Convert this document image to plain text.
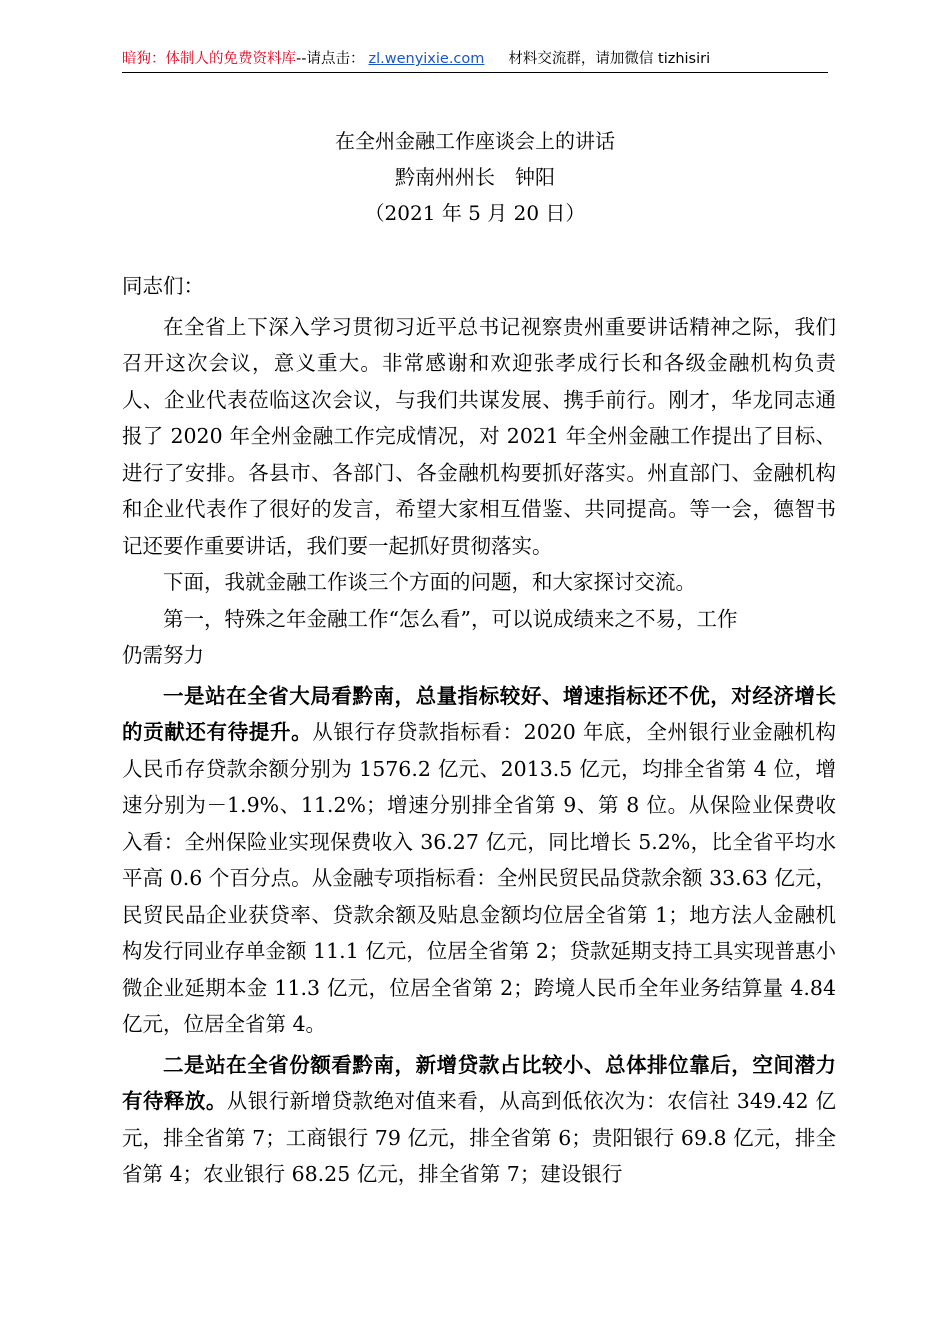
暗狗：体制人的免费资料库--请点击： zl.wenyixie.com 材料交流群，请加微信 tizhisiri
在全州金融工作座谈会上的讲话
黔南州州长　钟阳
（2021 年 5 月 20 日）

同志们：

在全省上下深入学习贯彻习近平总书记视察贵州重要讲话精神之际，我们召开这次会议，意义重大。非常感谢和欢迎张孝成行长和各级金融机构负责人、企业代表莅临这次会议，与我们共谋发展、携手前行。刚才，华龙同志通报了 2020 年全州金融工作完成情况，对 2021 年全州金融工作提出了目标、进行了安排。各县市、各部门、各金融机构要抓好落实。州直部门、金融机构和企业代表作了很好的发言，希望大家相互借鉴、共同提高。等一会，德智书记还要作重要讲话，我们要一起抓好贯彻落实。

下面，我就金融工作谈三个方面的问题，和大家探讨交流。

第一，特殊之年金融工作“怎么看”，可以说成绩来之不易，工作

仍需努力

一是站在全省大局看黔南，总量指标较好、增速指标还不优，对经济增长的贡献还有待提升。从银行存贷款指标看：2020 年底，全州银行业金融机构人民币存贷款余额分别为 1576.2 亿元、2013.5 亿元，均排全省第 4 位，增速分别为－1.9%、11.2%；增速分别排全省第 9、第 8 位。从保险业保费收入看：全州保险业实现保费收入 36.27 亿元，同比增长 5.2%，比全省平均水平高 0.6 个百分点。从金融专项指标看：全州民贸民品贷款余额 33.63 亿元，民贸民品企业获贷率、贷款余额及贴息金额均位居全省第 1；地方法人金融机构发行同业存单金额 11.1 亿元，位居全省第 2；贷款延期支持工具实现普惠小微企业延期本金 11.3 亿元，位居全省第 2；跨境人民币全年业务结算量 4.84 亿元，位居全省第 4。

二是站在全省份额看黔南，新增贷款占比较小、总体排位靠后，空间潜力有待释放。从银行新增贷款绝对值来看，从高到低依次为：农信社 349.42 亿元，排全省第 7；工商银行 79 亿元，排全省第 6；贵阳银行 69.8 亿元，排全省第 4；农业银行 68.25 亿元，排全省第 7；建设银行
